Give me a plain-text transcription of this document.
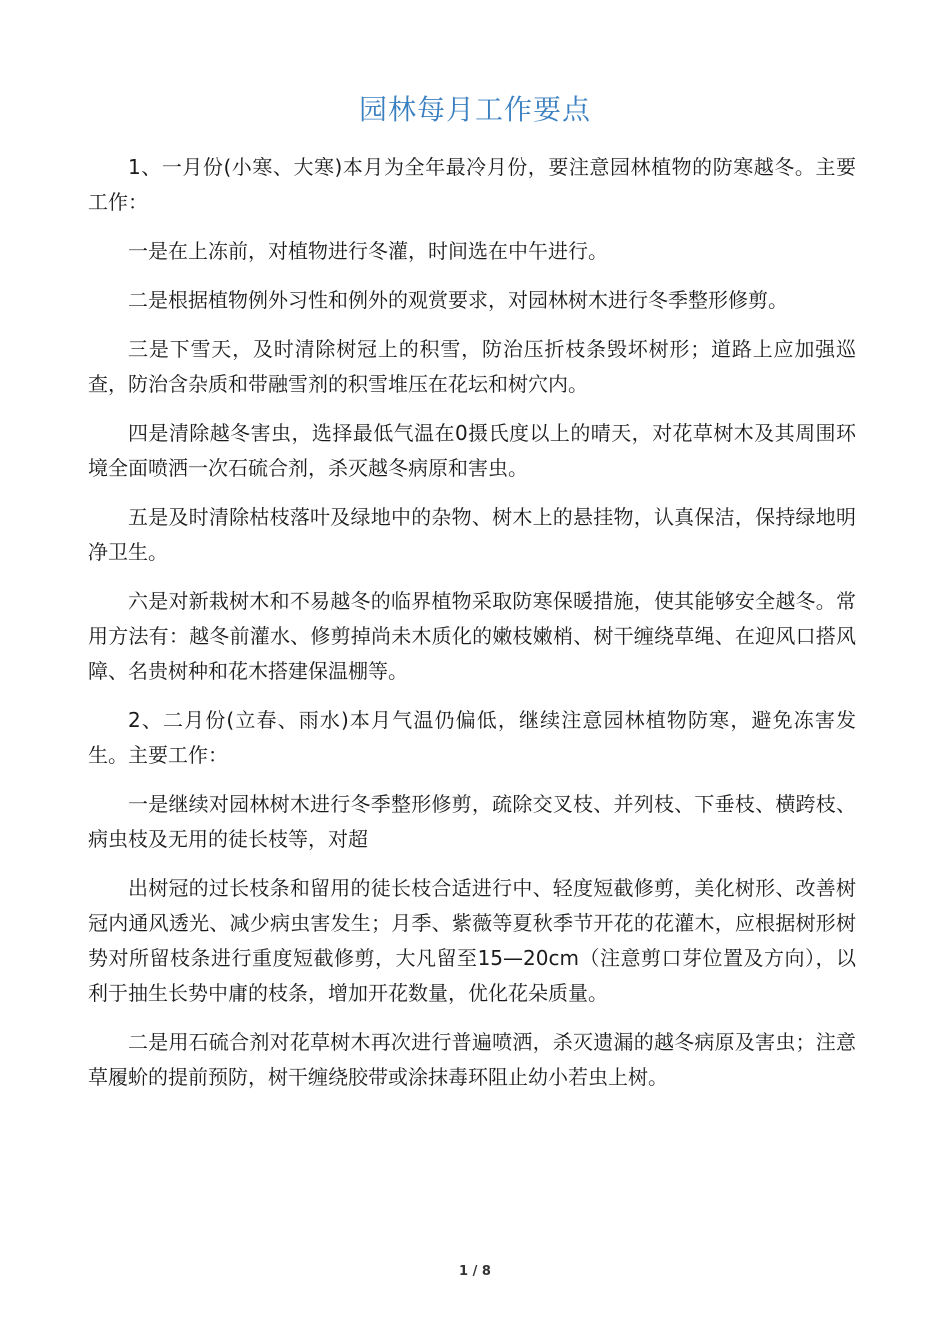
园林每月工作要点

1、一月份(小寒、大寒)本月为全年最冷月份，要注意园林植物的防寒越冬。主要工作：

一是在上冻前，对植物进行冬灌，时间选在中午进行。

二是根据植物例外习性和例外的观赏要求，对园林树木进行冬季整形修剪。

三是下雪天，及时清除树冠上的积雪，防治压折枝条毁坏树形；道路上应加强巡查，防治含杂质和带融雪剂的积雪堆压在花坛和树穴内。

四是清除越冬害虫，选择最低气温在0摄氏度以上的晴天，对花草树木及其周围环境全面喷洒一次石硫合剂，杀灭越冬病原和害虫。

五是及时清除枯枝落叶及绿地中的杂物、树木上的悬挂物，认真保洁，保持绿地明净卫生。

六是对新栽树木和不易越冬的临界植物采取防寒保暖措施，使其能够安全越冬。常用方法有：越冬前灌水、修剪掉尚未木质化的嫩枝嫩梢、树干缠绕草绳、在迎风口搭风障、名贵树种和花木搭建保温棚等。

2、二月份(立春、雨水)本月气温仍偏低，继续注意园林植物防寒，避免冻害发生。主要工作：

一是继续对园林树木进行冬季整形修剪，疏除交叉枝、并列枝、下垂枝、横跨枝、病虫枝及无用的徒长枝等，对超

出树冠的过长枝条和留用的徒长枝合适进行中、轻度短截修剪，美化树形、改善树冠内通风透光、减少病虫害发生；月季、紫薇等夏秋季节开花的花灌木，应根据树形树势对所留枝条进行重度短截修剪，大凡留至15—20cm（注意剪口芽位置及方向），以利于抽生长势中庸的枝条，增加开花数量，优化花朵质量。

二是用石硫合剂对花草树木再次进行普遍喷洒，杀灭遗漏的越冬病原及害虫；注意草履蚧的提前预防，树干缠绕胶带或涂抹毒环阻止幼小若虫上树。

1 / 8
